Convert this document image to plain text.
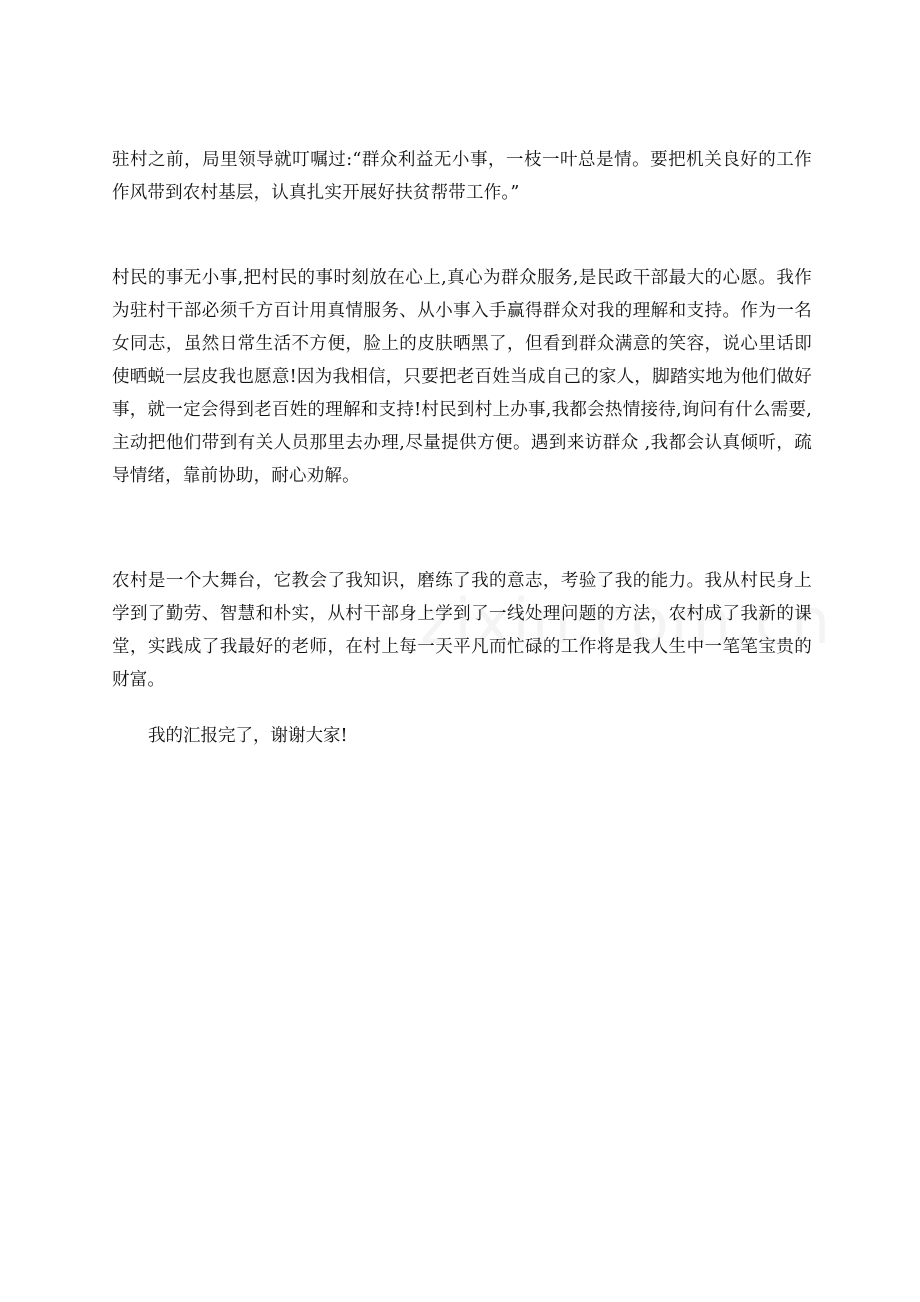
驻村之前，局里领导就叮嘱过:“群众利益无小事，一枝一叶总是情。要把机关良好的工作作风带到农村基层，认真扎实开展好扶贫帮带工作。”

村民的事无小事,把村民的事时刻放在心上,真心为群众服务,是民政干部最大的心愿。我作为驻村干部必须千方百计用真情服务、从小事入手赢得群众对我的理解和支持。作为一名女同志，虽然日常生活不方便，脸上的皮肤晒黑了，但看到群众满意的笑容，说心里话即使晒蜕一层皮我也愿意!因为我相信，只要把老百姓当成自己的家人，脚踏实地为他们做好事，就一定会得到老百姓的理解和支持!村民到村上办事,我都会热情接待,询问有什么需要,主动把他们带到有关人员那里去办理,尽量提供方便。遇到来访群众 ,我都会认真倾听，疏导情绪，靠前协助，耐心劝解。

农村是一个大舞台，它教会了我知识，磨练了我的意志，考验了我的能力。我从村民身上学到了勤劳、智慧和朴实，从村干部身上学到了一线处理问题的方法，农村成了我新的课堂，实践成了我最好的老师，在村上每一天平凡而忙碌的工作将是我人生中一笔笔宝贵的财富。

我的汇报完了，谢谢大家!
